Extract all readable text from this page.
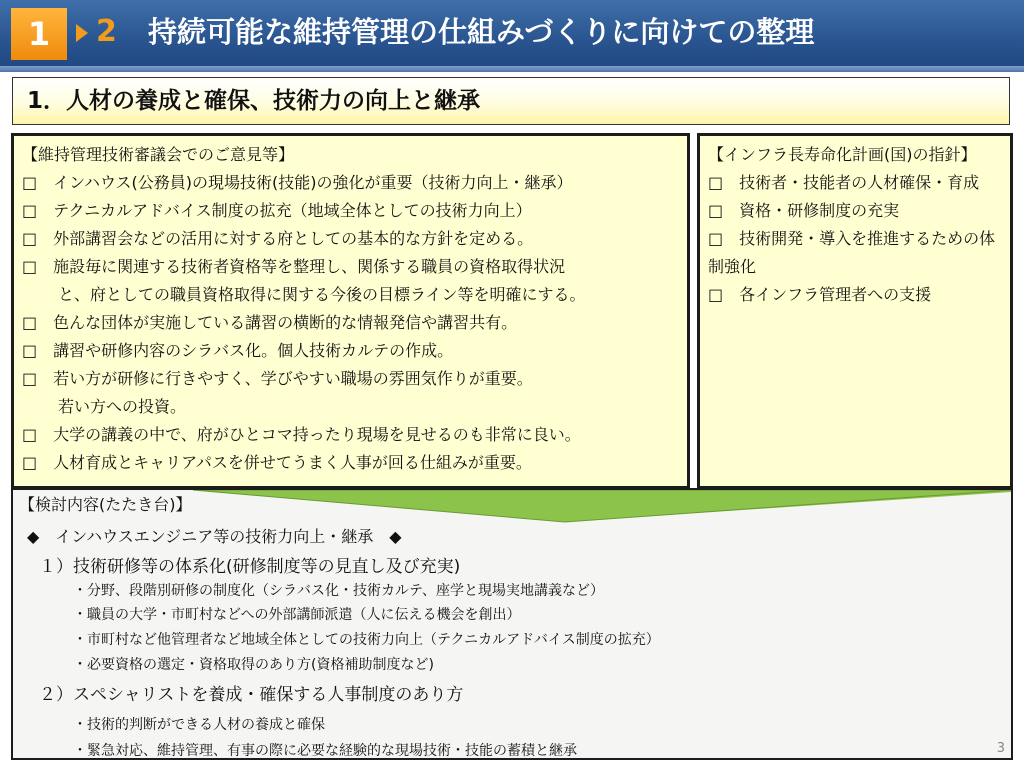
1	2 持続可能な維持管理の仕組みづくりに向けての整理
1．人材の養成と確保、技術力の向上と継承

【維持管理技術審議会でのご意見等】

□　インハウス(公務員)の現場技術(技能)の強化が重要（技術力向上・継承）

□　テクニカルアドバイス制度の拡充（地域全体としての技術力向上）

□　外部講習会などの活用に対する府としての基本的な方針を定める。

□　施設毎に関連する技術者資格等を整理し、関係する職員の資格取得状況

と、府としての職員資格取得に関する今後の目標ライン等を明確にする。

□　色んな団体が実施している講習の横断的な情報発信や講習共有。

□　講習や研修内容のシラバス化。個人技術カルテの作成。

□　若い方が研修に行きやすく、学びやすい職場の雰囲気作りが重要。

若い方への投資。

□　大学の講義の中で、府がひとコマ持ったり現場を見せるのも非常に良い。

□　人材育成とキャリアパスを併せてうまく人事が回る仕組みが重要。

【インフラ長寿命化計画(国)の指針】

□　技術者・技能者の人材確保・育成

□　資格・研修制度の充実

□　技術開発・導入を推進するための体制強化

□　各インフラ管理者への支援

【検討内容(たたき台)】
◆　インハウスエンジニア等の技術力向上・継承　◆
１）技術研修等の体系化(研修制度等の見直し及び充実)
・分野、段階別研修の制度化（シラバス化・技術カルテ、座学と現場実地講義など）
・職員の大学・市町村などへの外部講師派遣（人に伝える機会を創出）
・市町村など他管理者など地域全体としての技術力向上（テクニカルアドバイス制度の拡充）
・必要資格の選定・資格取得のあり方(資格補助制度など)
２）スペシャリストを養成・確保する人事制度のあり方
・技術的判断ができる人材の養成と確保
・緊急対応、維持管理、有事の際に必要な経験的な現場技術・技能の蓄積と継承	3
